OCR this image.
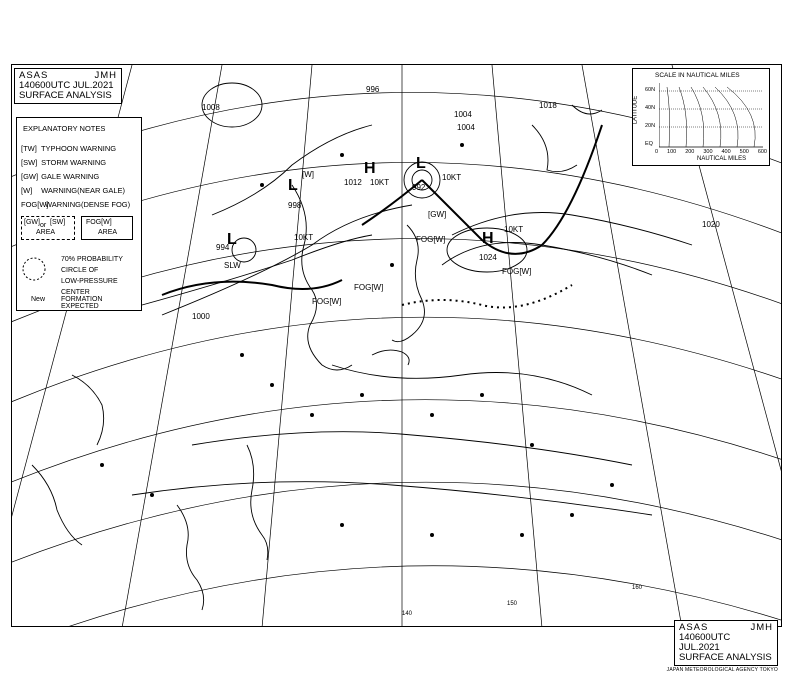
H
1024
10KT
L
992
10KT
H
1012 10KT
L
994
10KT
L
998
996
1004
1018
FOG[W]
FOG[W]
FOG[W]
FOG[W]
SLW
[GW]
[W]
1000
1020
1008
1004
140
150
160
ASAS	JMH
140600UTC JUL.2021
SURFACE ANALYSIS
EXPLANATORY NOTES
[TW] TYPHOON WARNING
[SW] STORM WARNING
[GW] GALE WARNING
[W] WARNING(NEAR GALE)
FOG[W]WARNING(DENSE FOG)
[GW] or [SW]
AREA
FOG[W]
AREA
70% PROBABILITY
CIRCLE OF
LOW-PRESSURE CENTER
New FORMATION EXPECTED
SCALE IN NAUTICAL MILES
LATITUDE
60N
40N
20N
EQ
0 100 200 300 400 500 600
NAUTICAL MILES
ASAS	JMH
140600UTC JUL.2021
SURFACE ANALYSIS
JAPAN METEOROLOGICAL AGENCY TOKYO
